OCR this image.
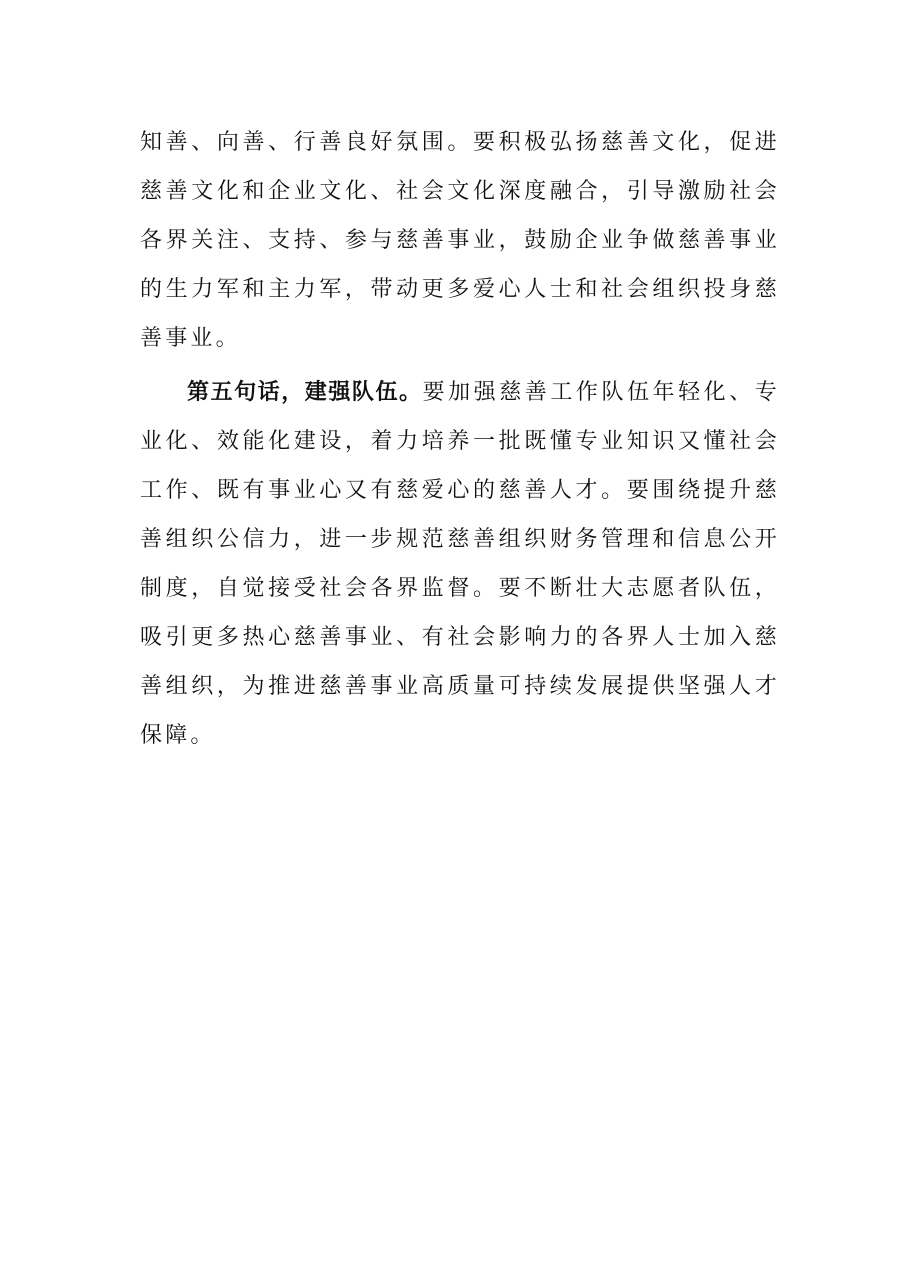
知善、向善、行善良好氛围。要积极弘扬慈善文化，促进慈善文化和企业文化、社会文化深度融合，引导激励社会各界关注、支持、参与慈善事业，鼓励企业争做慈善事业的生力军和主力军，带动更多爱心人士和社会组织投身慈善事业。

第五句话，建强队伍。要加强慈善工作队伍年轻化、专业化、效能化建设，着力培养一批既懂专业知识又懂社会工作、既有事业心又有慈爱心的慈善人才。要围绕提升慈善组织公信力，进一步规范慈善组织财务管理和信息公开制度，自觉接受社会各界监督。要不断壮大志愿者队伍，吸引更多热心慈善事业、有社会影响力的各界人士加入慈善组织，为推进慈善事业高质量可持续发展提供坚强人才保障。
